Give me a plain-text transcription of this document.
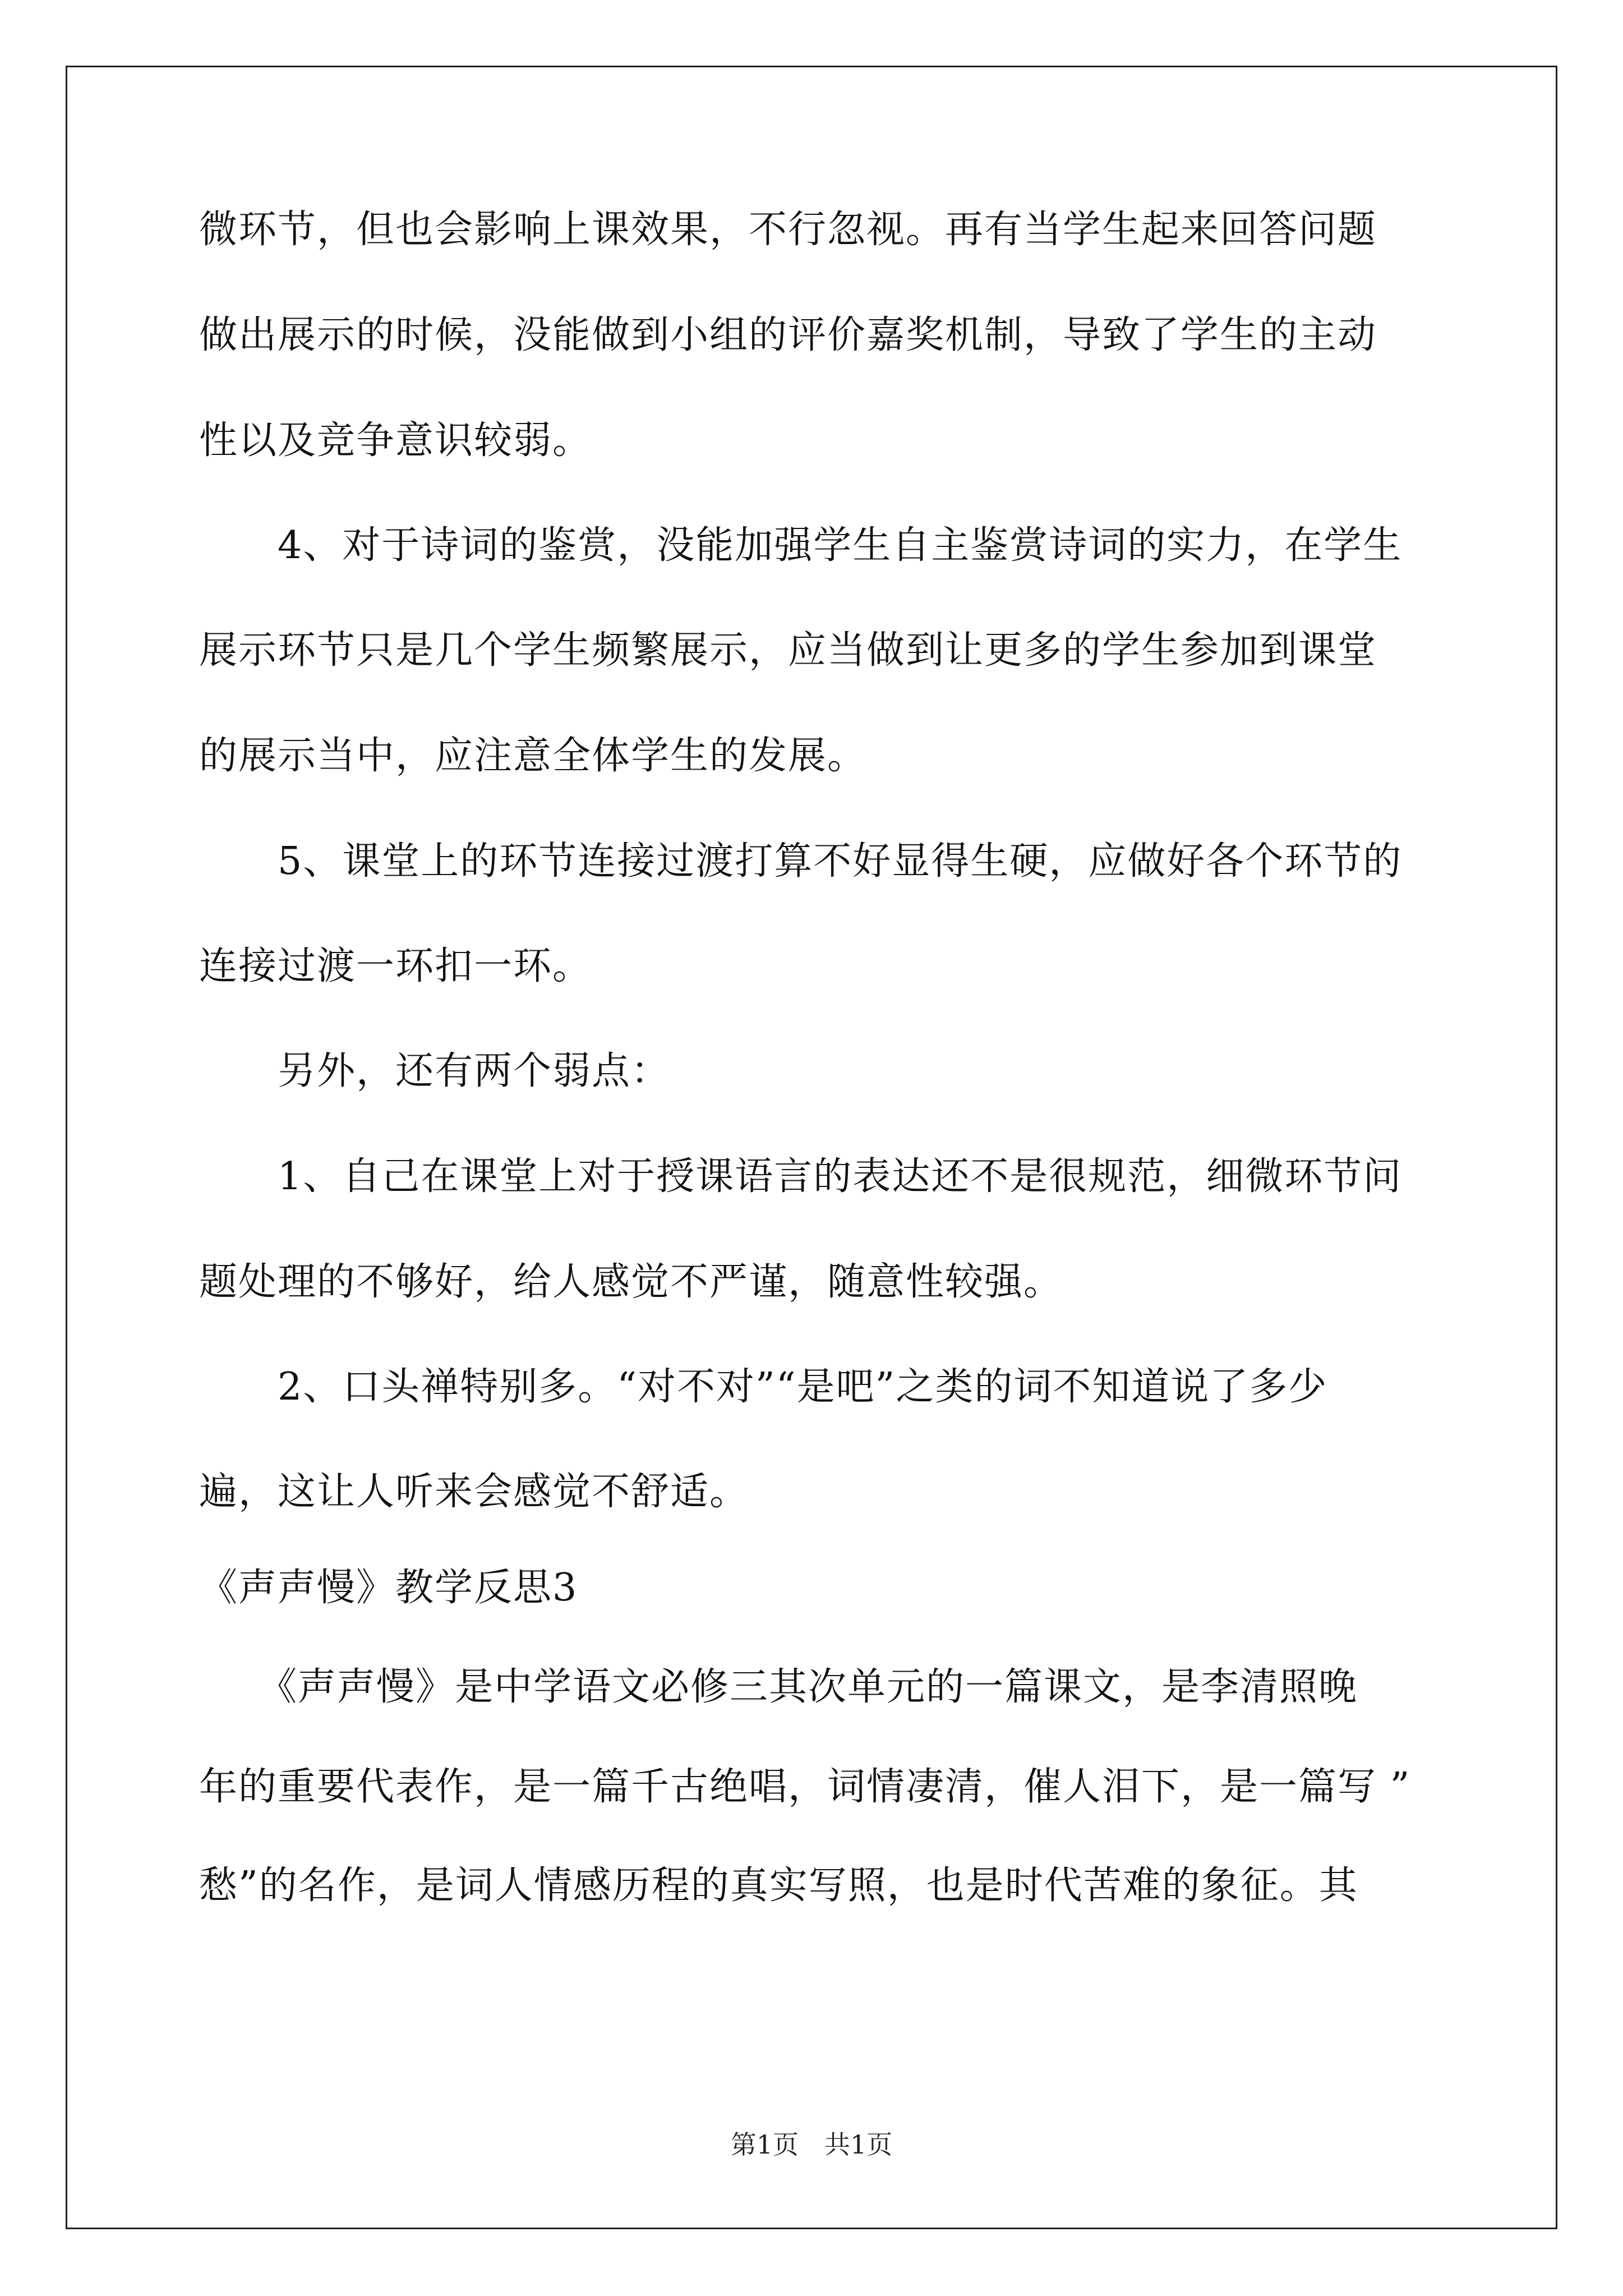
微环节，但也会影响上课效果，不行忽视。再有当学生起来回答问题
做出展示的时候，没能做到小组的评价嘉奖机制，导致了学生的主动
性以及竞争意识较弱。
　　4、对于诗词的鉴赏，没能加强学生自主鉴赏诗词的实力，在学生
展示环节只是几个学生频繁展示，应当做到让更多的学生参加到课堂
的展示当中，应注意全体学生的发展。
　　5、课堂上的环节连接过渡打算不好显得生硬，应做好各个环节的
连接过渡一环扣一环。
　　另外，还有两个弱点：
　　1、自己在课堂上对于授课语言的表达还不是很规范，细微环节问
题处理的不够好，给人感觉不严谨，随意性较强。
　　2、口头禅特别多。“对不对”“是吧”之类的词不知道说了多少
遍，这让人听来会感觉不舒适。
《声声慢》教学反思3
　　《声声慢》是中学语文必修三其次单元的一篇课文，是李清照晚
年的重要代表作，是一篇千古绝唱，词情凄清，催人泪下，是一篇写 ”
愁”的名作，是词人情感历程的真实写照，也是时代苦难的象征。其
第1页　共1页
